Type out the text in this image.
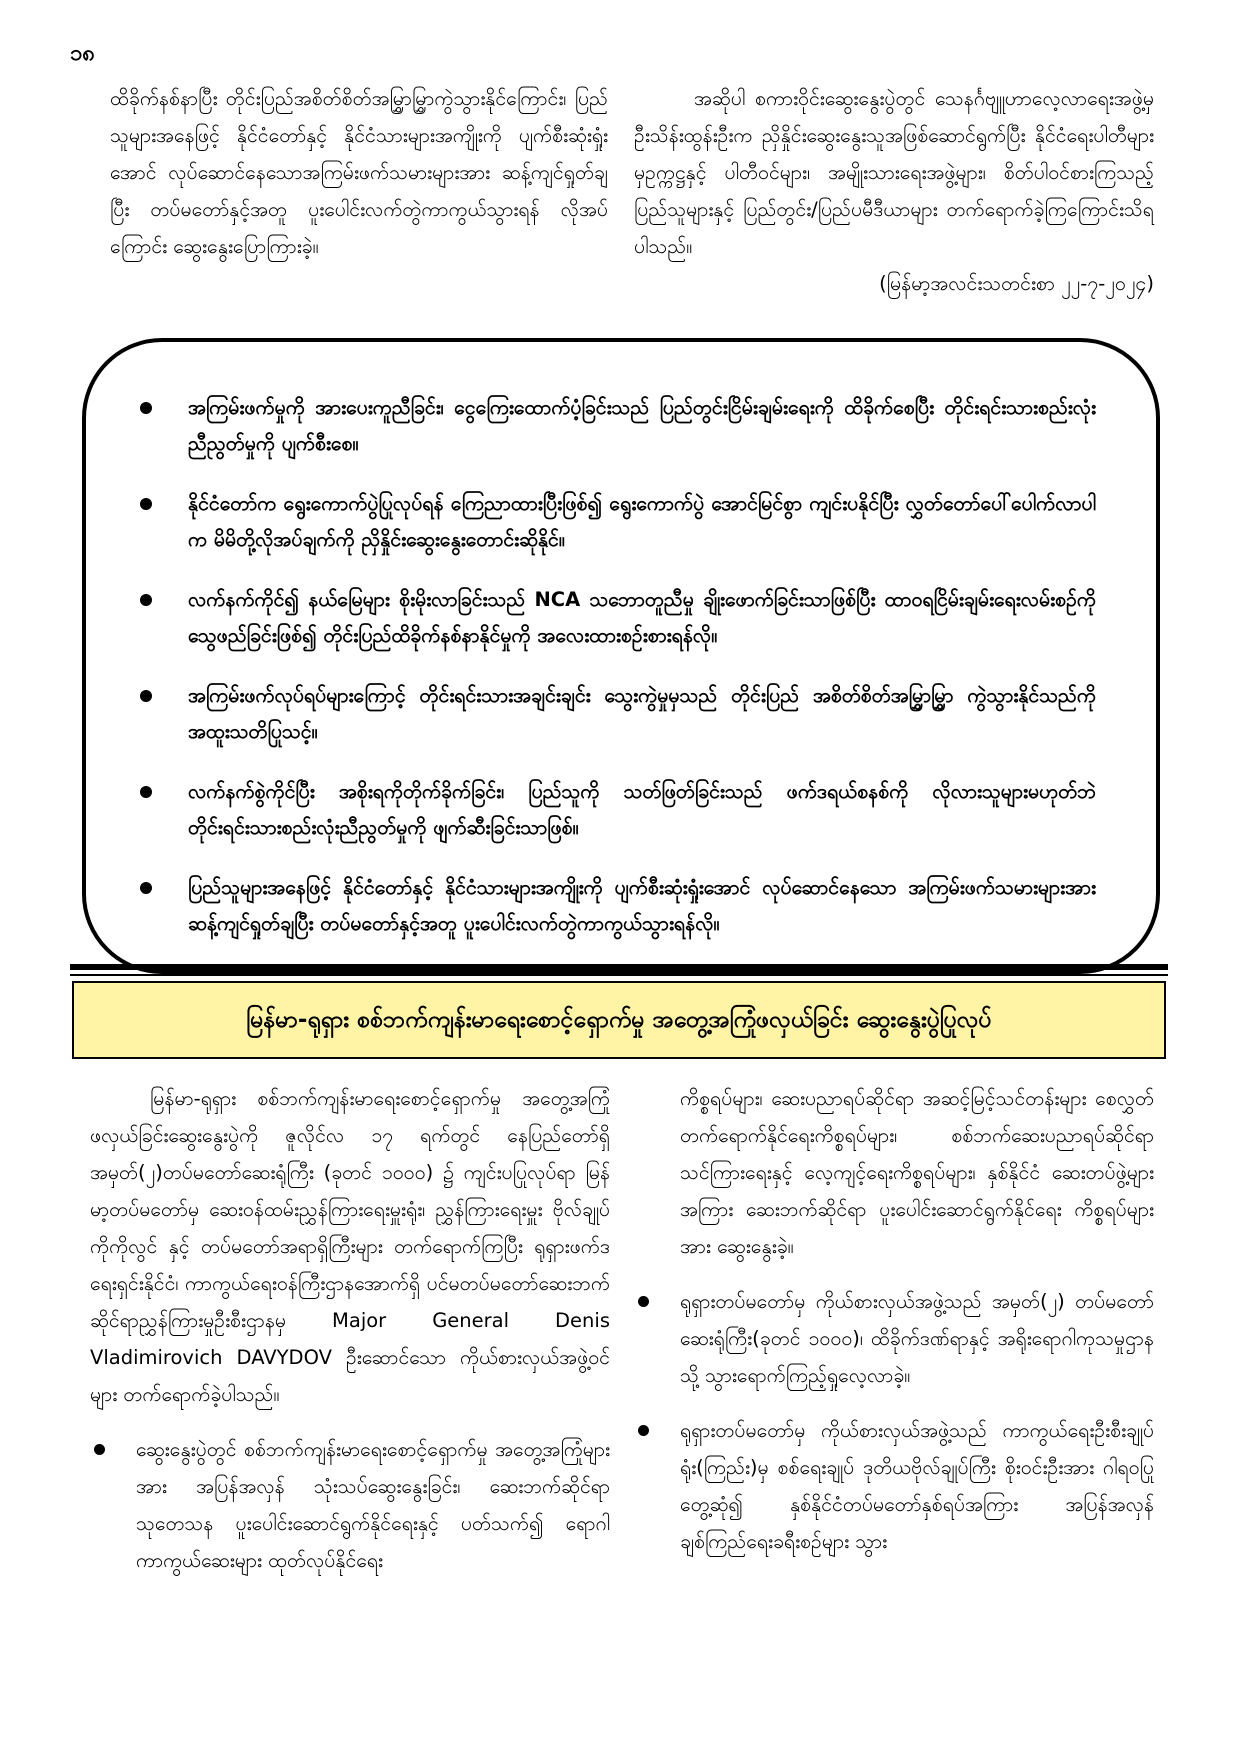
၁၈

ထိခိုက်နစ်နာပြီး တိုင်းပြည်အစိတ်စိတ်အမြွှာမြွှာကွဲသွားနိုင်ကြောင်း၊ ပြည်သူများအနေဖြင့် နိုင်ငံတော်နှင့် နိုင်ငံသားများအကျိုးကို ပျက်စီးဆုံးရှုံးအောင် လုပ်ဆောင်နေသောအကြမ်းဖက်သမားများအား ဆန့်ကျင်ရှုတ်ချပြီး တပ်မတော်နှင့်အတူ ပူးပေါင်းလက်တွဲကာကွယ်သွားရန် လိုအပ်ကြောင်း ဆွေးနွေးပြောကြားခဲ့။

အဆိုပါ စကားဝိုင်းဆွေးနွေးပွဲတွင် သေနင်္ဂဗျူဟာလေ့လာရေးအဖွဲ့မှ ဦးသိန်းထွန်းဦးက ညှိနှိုင်းဆွေးနွေးသူအဖြစ်ဆောင်ရွက်ပြီး နိုင်ငံရေးပါတီများမှဥက္ကဋ္ဌနှင့် ပါတီဝင်များ၊ အမျိုးသားရေးအဖွဲ့များ၊ စိတ်ပါဝင်စားကြသည့် ပြည်သူများနှင့် ပြည်တွင်း/ပြည်ပမီဒီယာများ တက်ရောက်ခဲ့ကြကြောင်းသိရပါသည်။

(မြန်မာ့အလင်းသတင်းစာ ၂၂-၇-၂၀၂၄)

အကြမ်းဖက်မှုကို အားပေးကူညီခြင်း၊ ငွေကြေးထောက်ပံ့ခြင်းသည် ပြည်တွင်းငြိမ်းချမ်းရေးကို ထိခိုက်စေပြီး တိုင်းရင်းသားစည်းလုံးညီညွတ်မှုကို ပျက်စီးစေ။
နိုင်ငံတော်က ရွေးကောက်ပွဲပြုလုပ်ရန် ကြေညာထားပြီးဖြစ်၍ ရွေးကောက်ပွဲ အောင်မြင်စွာ ကျင်းပနိုင်ပြီး လွှတ်တော်ပေါ်ပေါက်လာပါက မိမိတို့လိုအပ်ချက်ကို ညှိနှိုင်းဆွေးနွေးတောင်းဆိုနိုင်။
လက်နက်ကိုင်၍ နယ်မြေများ စိုးမိုးလာခြင်းသည် NCA သဘောတူညီမှု ချိုးဖောက်ခြင်းသာဖြစ်ပြီး ထာဝရငြိမ်းချမ်းရေးလမ်းစဉ်ကို သွေဖည်ခြင်းဖြစ်၍ တိုင်းပြည်ထိခိုက်နစ်နာနိုင်မှုကို အလေးထားစဉ်းစားရန်လို။
အကြမ်းဖက်လုပ်ရပ်များကြောင့် တိုင်းရင်းသားအချင်းချင်း သွေးကွဲမှုမှသည် တိုင်းပြည် အစိတ်စိတ်အမြွှာမြွှာ ကွဲသွားနိုင်သည်ကို အထူးသတိပြုသင့်။
လက်နက်စွဲကိုင်ပြီး အစိုးရကိုတိုက်ခိုက်ခြင်း၊ ပြည်သူကို သတ်ဖြတ်ခြင်းသည် ဖက်ဒရယ်စနစ်ကို လိုလားသူများမဟုတ်ဘဲ တိုင်းရင်းသားစည်းလုံးညီညွတ်မှုကို ဖျက်ဆီးခြင်းသာဖြစ်။
ပြည်သူများအနေဖြင့် နိုင်ငံတော်နှင့် နိုင်ငံသားများအကျိုးကို ပျက်စီးဆုံးရှုံးအောင် လုပ်ဆောင်နေသော အကြမ်းဖက်သမားများအား ဆန့်ကျင်ရှုတ်ချပြီး တပ်မတော်နှင့်အတူ ပူးပေါင်းလက်တွဲကာကွယ်သွားရန်လို။
မြန်မာ-ရုရှား စစ်ဘက်ကျန်းမာရေးစောင့်ရှောက်မှု အတွေ့အကြုံဖလှယ်ခြင်း ဆွေးနွေးပွဲပြုလုပ်

မြန်မာ-ရုရှား စစ်ဘက်ကျန်းမာရေးစောင့်ရှောက်မှု အတွေ့အကြုံဖလှယ်ခြင်းဆွေးနွေးပွဲကို ဇူလိုင်လ ၁၇ ရက်တွင် နေပြည်တော်ရှိ အမှတ်(၂)တပ်မတော်ဆေးရုံကြီး (ခုတင် ၁၀၀၀) ၌ ကျင်းပပြုလုပ်ရာ မြန်မာ့တပ်မတော်မှ ဆေးဝန်ထမ်းညွှန်ကြားရေးမှူးရုံး၊ ညွှန်ကြားရေးမှူး ဗိုလ်ချုပ် ကိုကိုလွင် နှင့် တပ်မတော်အရာရှိကြီးများ တက်ရောက်ကြပြီး ရုရှားဖက်ဒရေးရှင်းနိုင်ငံ၊ ကာကွယ်ရေးဝန်ကြီးဌာနအောက်ရှိ ပင်မတပ်မတော်ဆေးဘက်ဆိုင်ရာညွှန်ကြားမှုဦးစီးဌာနမှ Major General Denis Vladimirovich DAVYDOV ဦးဆောင်သော ကိုယ်စားလှယ်အဖွဲ့ဝင်များ တက်ရောက်ခဲ့ပါသည်။

ဆွေးနွေးပွဲတွင် စစ်ဘက်ကျန်းမာရေးစောင့်ရှောက်မှု အတွေ့အကြုံများအား အပြန်အလှန် သုံးသပ်ဆွေးနွေးခြင်း၊ ဆေးဘက်ဆိုင်ရာသုတေသန ပူးပေါင်းဆောင်ရွက်နိုင်ရေးနှင့် ပတ်သက်၍ ရောဂါကာကွယ်ဆေးများ ထုတ်လုပ်နိုင်ရေး

ကိစ္စရပ်များ၊ ဆေးပညာရပ်ဆိုင်ရာ အဆင့်မြင့်သင်တန်းများ စေလွှတ်တက်ရောက်နိုင်ရေးကိစ္စရပ်များ၊ စစ်ဘက်ဆေးပညာရပ်ဆိုင်ရာသင်ကြားရေးနှင့် လေ့ကျင့်ရေးကိစ္စရပ်များ၊ နှစ်နိုင်ငံ ဆေးတပ်ဖွဲ့များအကြား ဆေးဘက်ဆိုင်ရာ ပူးပေါင်းဆောင်ရွက်နိုင်ရေး ကိစ္စရပ်များအား ဆွေးနွေးခဲ့။

ရုရှားတပ်မတော်မှ ကိုယ်စားလှယ်အဖွဲ့သည် အမှတ်(၂) တပ်မတော်ဆေးရုံကြီး(ခုတင် ၁၀၀၀)၊ ထိခိုက်ဒဏ်ရာနှင့် အရိုးရောဂါကုသမှုဌာနသို့ သွားရောက်ကြည့်ရှုလေ့လာခဲ့။
ရုရှားတပ်မတော်မှ ကိုယ်စားလှယ်အဖွဲ့သည် ကာကွယ်ရေးဦးစီးချုပ်ရုံး(ကြည်း)မှ စစ်ရေးချုပ် ဒုတိယဗိုလ်ချုပ်ကြီး စိုးဝင်းဦးအား ဂါရဝပြုတွေ့ဆုံ၍ နှစ်နိုင်ငံတပ်မတော်နှစ်ရပ်အကြား အပြန်အလှန် ချစ်ကြည်ရေးခရီးစဉ်များ သွား
